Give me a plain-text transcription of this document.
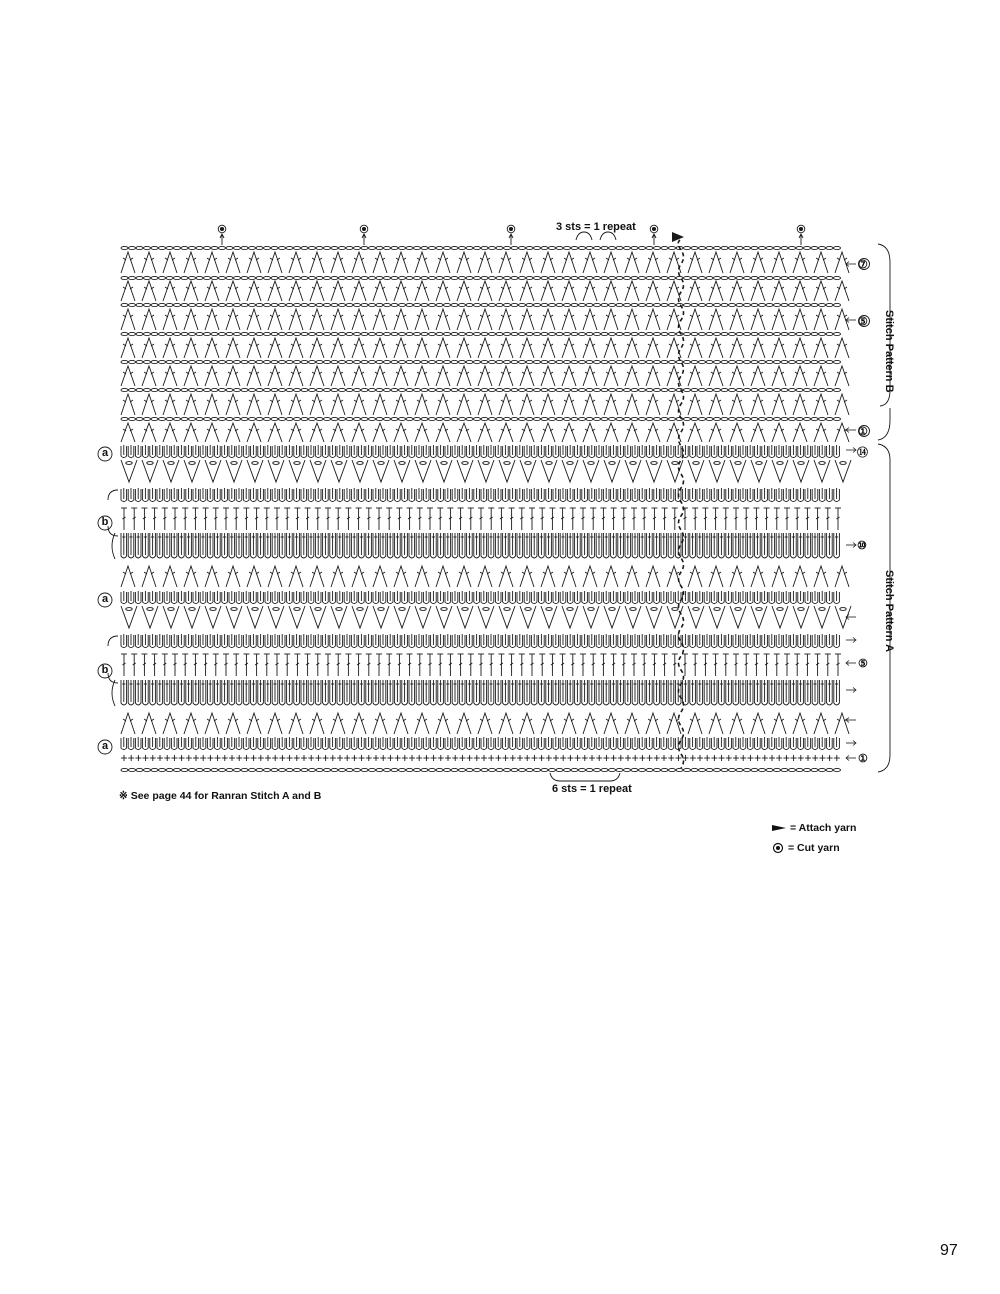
3 sts = 1 repeat
6 sts = 1 repeat
Stitch Pattern B
Stitch Pattern A
⑦
⑤
①
⑭
⑩
⑤
①
a
b
a
b
a
※ See page 44 for Ranran Stitch A and B
= Attach yarn
= Cut yarn
97
